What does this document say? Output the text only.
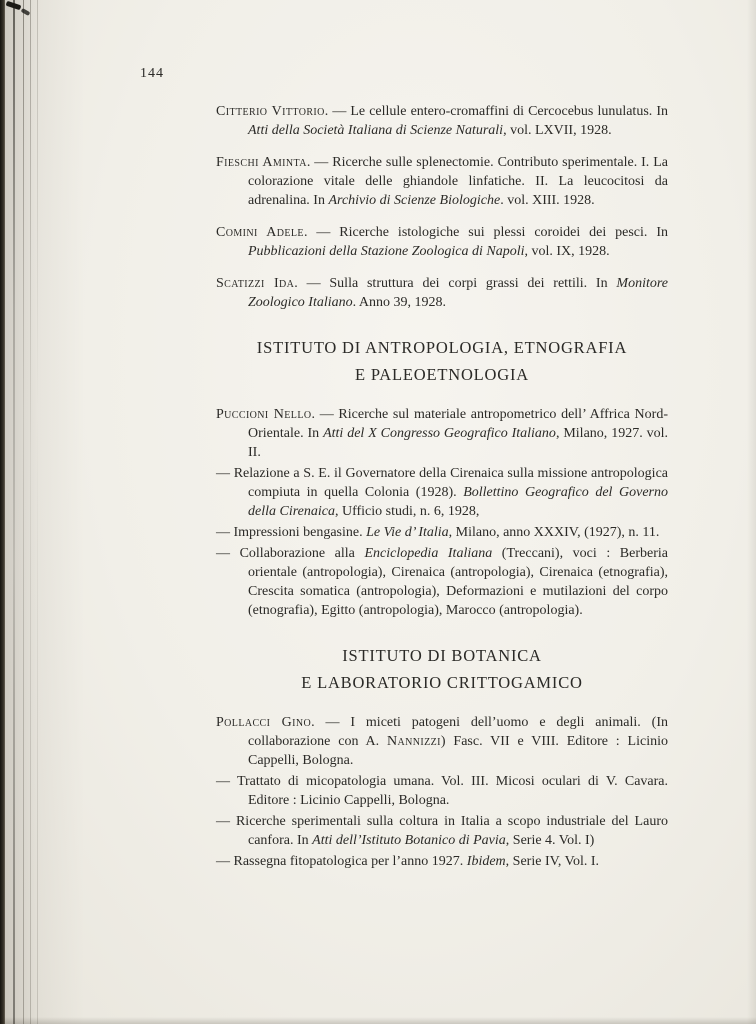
144

Citterio Vittorio. — Le cellule entero-cromaffini di Cercocebus lunulatus. In Atti della Società Italiana di Scienze Naturali, vol. LXVII, 1928.

Fieschi Aminta. — Ricerche sulle splenectomie. Contributo sperimentale. I. La colorazione vitale delle ghiandole linfatiche. II. La leucocitosi da adrenalina. In Archivio di Scienze Biologiche. vol. XIII. 1928.

Comini Adele. — Ricerche istologiche sui plessi coroidei dei pesci. In Pubblicazioni della Stazione Zoologica di Napoli, vol. IX, 1928.

Scatizzi Ida. — Sulla struttura dei corpi grassi dei rettili. In Monitore Zoologico Italiano. Anno 39, 1928.

ISTITUTO DI ANTROPOLOGIA, ETNOGRAFIA
E PALEOETNOLOGIA

Puccioni Nello. — Ricerche sul materiale antropometrico dell’ Affrica Nord-Orientale. In Atti del X Congresso Geografico Italiano, Milano, 1927. vol. II.

— Relazione a S. E. il Governatore della Cirenaica sulla missione antropologica compiuta in quella Colonia (1928). Bollettino Geografico del Governo della Cirenaica, Ufficio studi, n. 6, 1928,

— Impressioni bengasine. Le Vie d’ Italia, Milano, anno XXXIV, (1927), n. 11.

— Collaborazione alla Enciclopedia Italiana (Treccani), voci : Berberia orientale (antropologia), Cirenaica (antropologia), Cirenaica (etnografia), Crescita somatica (antropologia), Deformazioni e mutilazioni del corpo (etnografia), Egitto (antropologia), Marocco (antropologia).

ISTITUTO DI BOTANICA
E LABORATORIO CRITTOGAMICO

Pollacci Gino. — I miceti patogeni dell’uomo e degli animali. (In collaborazione con A. Nannizzi) Fasc. VII e VIII. Editore : Licinio Cappelli, Bologna.

— Trattato di micopatologia umana. Vol. III. Micosi oculari di V. Cavara. Editore : Licinio Cappelli, Bologna.

— Ricerche sperimentali sulla coltura in Italia a scopo industriale del Lauro canfora. In Atti dell’Istituto Botanico di Pavia, Serie 4. Vol. I)

— Rassegna fitopatologica per l’anno 1927. Ibidem, Serie IV, Vol. I.
